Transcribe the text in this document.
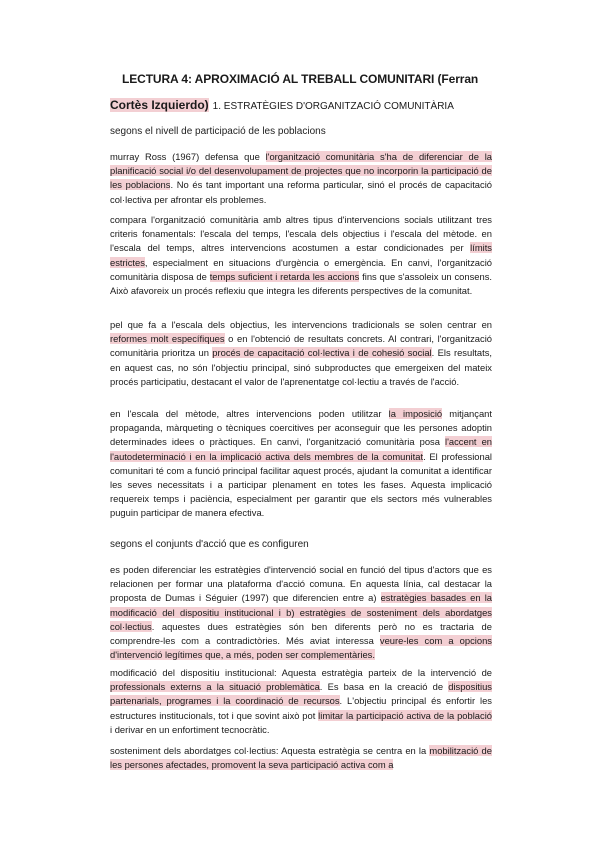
LECTURA 4: APROXIMACIÓ AL TREBALL COMUNITARI (Ferran
Cortès Izquierdo) 1. ESTRATÈGIES D'ORGANITZACIÓ COMUNITÀRIA
segons el nivell de participació de les poblacions
murray Ross (1967) defensa que l'organització comunitària s'ha de diferenciar de la planificació social i/o del desenvolupament de projectes que no incorporin la participació de les poblacions. No és tant important una reforma particular, sinó el procés de capacitació col·lectiva per afrontar els problemes.
compara l'organització comunitària amb altres tipus d'intervencions socials utilitzant tres criteris fonamentals: l'escala del temps, l'escala dels objectius i l'escala del mètode. en l'escala del temps, altres intervencions acostumen a estar condicionades per límits estrictes, especialment en situacions d'urgència o emergència. En canvi, l'organització comunitària disposa de temps suficient i retarda les accions fins que s'assoleix un consens. Això afavoreix un procés reflexiu que integra les diferents perspectives de la comunitat.
pel que fa a l'escala dels objectius, les intervencions tradicionals se solen centrar en reformes molt específiques o en l'obtenció de resultats concrets. Al contrari, l'organització comunitària prioritza un procés de capacitació col·lectiva i de cohesió social. Els resultats, en aquest cas, no són l'objectiu principal, sinó subproductes que emergeixen del mateix procés participatiu, destacant el valor de l'aprenentatge col·lectiu a través de l'acció.
en l'escala del mètode, altres intervencions poden utilitzar la imposició mitjançant propaganda, màrqueting o tècniques coercitives per aconseguir que les persones adoptin determinades idees o pràctiques. En canvi, l'organització comunitària posa l'accent en l'autodeterminació i en la implicació activa dels membres de la comunitat. El professional comunitari té com a funció principal facilitar aquest procés, ajudant la comunitat a identificar les seves necessitats i a participar plenament en totes les fases. Aquesta implicació requereix temps i paciència, especialment per garantir que els sectors més vulnerables puguin participar de manera efectiva.
segons el conjunts d'acció que es configuren
es poden diferenciar les estratègies d'intervenció social en funció del tipus d'actors que es relacionen per formar una plataforma d'acció comuna. En aquesta línia, cal destacar la proposta de Dumas i Séguier (1997) que diferencien entre a) estratègies basades en la modificació del dispositiu institucional i b) estratègies de sosteniment dels abordatges col·lectius. aquestes dues estratègies són ben diferents però no es tractaria de comprendre-les com a contradictòries. Més aviat interessa veure-les com a opcions d'intervenció legítimes que, a més, poden ser complementàries.
modificació del dispositiu institucional: Aquesta estratègia parteix de la intervenció de professionals externs a la situació problemàtica. Es basa en la creació de dispositius partenarials, programes i la coordinació de recursos. L'objectiu principal és enfortir les estructures institucionals, tot i que sovint això pot limitar la participació activa de la població i derivar en un enfortiment tecnocràtic.
sosteniment dels abordatges col·lectius: Aquesta estratègia se centra en la mobilització de les persones afectades, promovent la seva participació activa com a
